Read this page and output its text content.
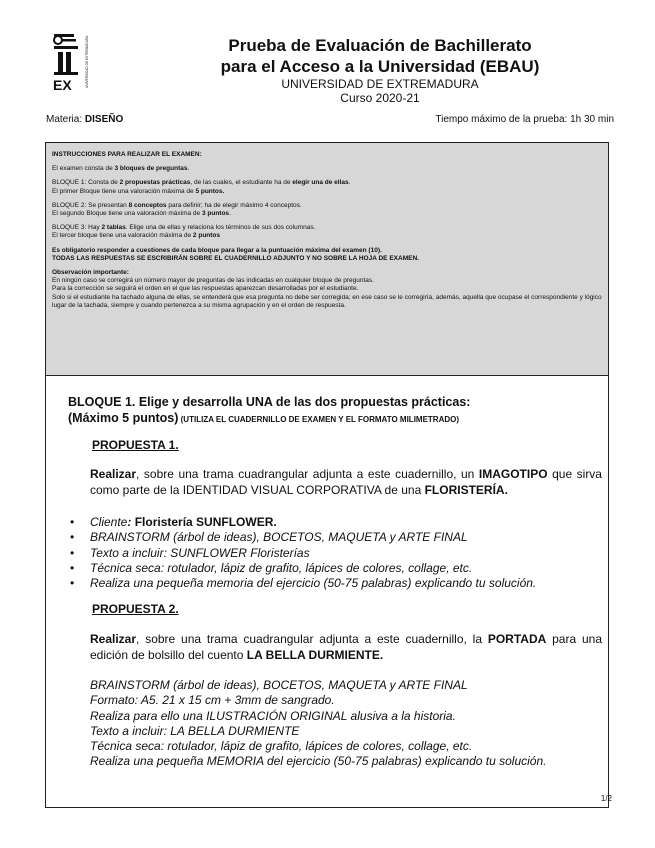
EX	UNIVERSIDAD DE EXTREMADURA	Prueba de Evaluación de Bachillerato
para el Acceso a la Universidad (EBAU)
UNIVERSIDAD DE EXTREMADURA
Curso 2020-21
Materia: DISEÑO	Tiempo máximo de la prueba: 1h 30 min

INSTRUCCIONES PARA REALIZAR EL EXAMEN:

El examen consta de 3 bloques de preguntas.

BLOQUE 1: Consta de 2 propuestas prácticas, de las cuales, el estudiante ha de elegir una de ellas.
El primer Bloque tiene una valoración máxima de 5 puntos.

BLOQUE 2: Se presentan 8 conceptos para definir; ha de elegir máximo 4 conceptos.
El segundo Bloque tiene una valoración máxima de 3 puntos.

BLOQUE 3: Hay 2 tablas. Elige una de ellas y relaciona los términos de sus dos columnas.
El tercer bloque tiene una valoración máxima de 2 puntos

Es obligatorio responder a cuestiones de cada bloque para llegar a la puntuación máxima del examen (10).
TODAS LAS RESPUESTAS SE ESCRIBIRÁN SOBRE EL CUADERNILLO ADJUNTO Y NO SOBRE LA HOJA DE EXAMEN.

Observación importante:
En ningún caso se corregirá un número mayor de preguntas de las indicadas en cualquier bloque de preguntas.
Para la corrección se seguirá el orden en el que las respuestas aparezcan desarrolladas por el estudiante.
Solo si el estudiante ha tachado alguna de ellas, se entenderá que esa pregunta no debe ser corregida; en ese caso se le corregiría, además, aquella que ocupase el correspondiente y lógico lugar de la tachada, siempre y cuando pertenezca a su misma agrupación y en el orden de respuesta.

BLOQUE 1. Elige y desarrolla UNA de las dos propuestas prácticas:
(Máximo 5 puntos) (UTILIZA EL CUADERNILLO DE EXAMEN Y EL FORMATO MILIMETRADO)
PROPUESTA 1.
Realizar, sobre una trama cuadrangular adjunta a este cuadernillo, un IMAGOTIPO que sirva como parte de la IDENTIDAD VISUAL CORPORATIVA de una FLORISTERÍA.
• Cliente: Floristería SUNFLOWER.
• BRAINSTORM (árbol de ideas), BOCETOS, MAQUETA y ARTE FINAL
• Texto a incluir: SUNFLOWER Floristerías
• Técnica seca: rotulador, lápiz de grafito, lápices de colores, collage, etc.
• Realiza una pequeña memoria del ejercicio (50-75 palabras) explicando tu solución.
PROPUESTA 2.
Realizar, sobre una trama cuadrangular adjunta a este cuadernillo, la PORTADA para una edición de bolsillo del cuento LA BELLA DURMIENTE.
BRAINSTORM (árbol de ideas), BOCETOS, MAQUETA y ARTE FINAL
Formato: A5. 21 x 15 cm + 3mm de sangrado.
Realiza para ello una ILUSTRACIÓN ORIGINAL alusiva a la historia.
Texto a incluir: LA BELLA DURMIENTE
Técnica seca: rotulador, lápiz de grafito, lápices de colores, collage, etc.
Realiza una pequeña MEMORIA del ejercicio (50-75 palabras) explicando tu solución.
1/2
